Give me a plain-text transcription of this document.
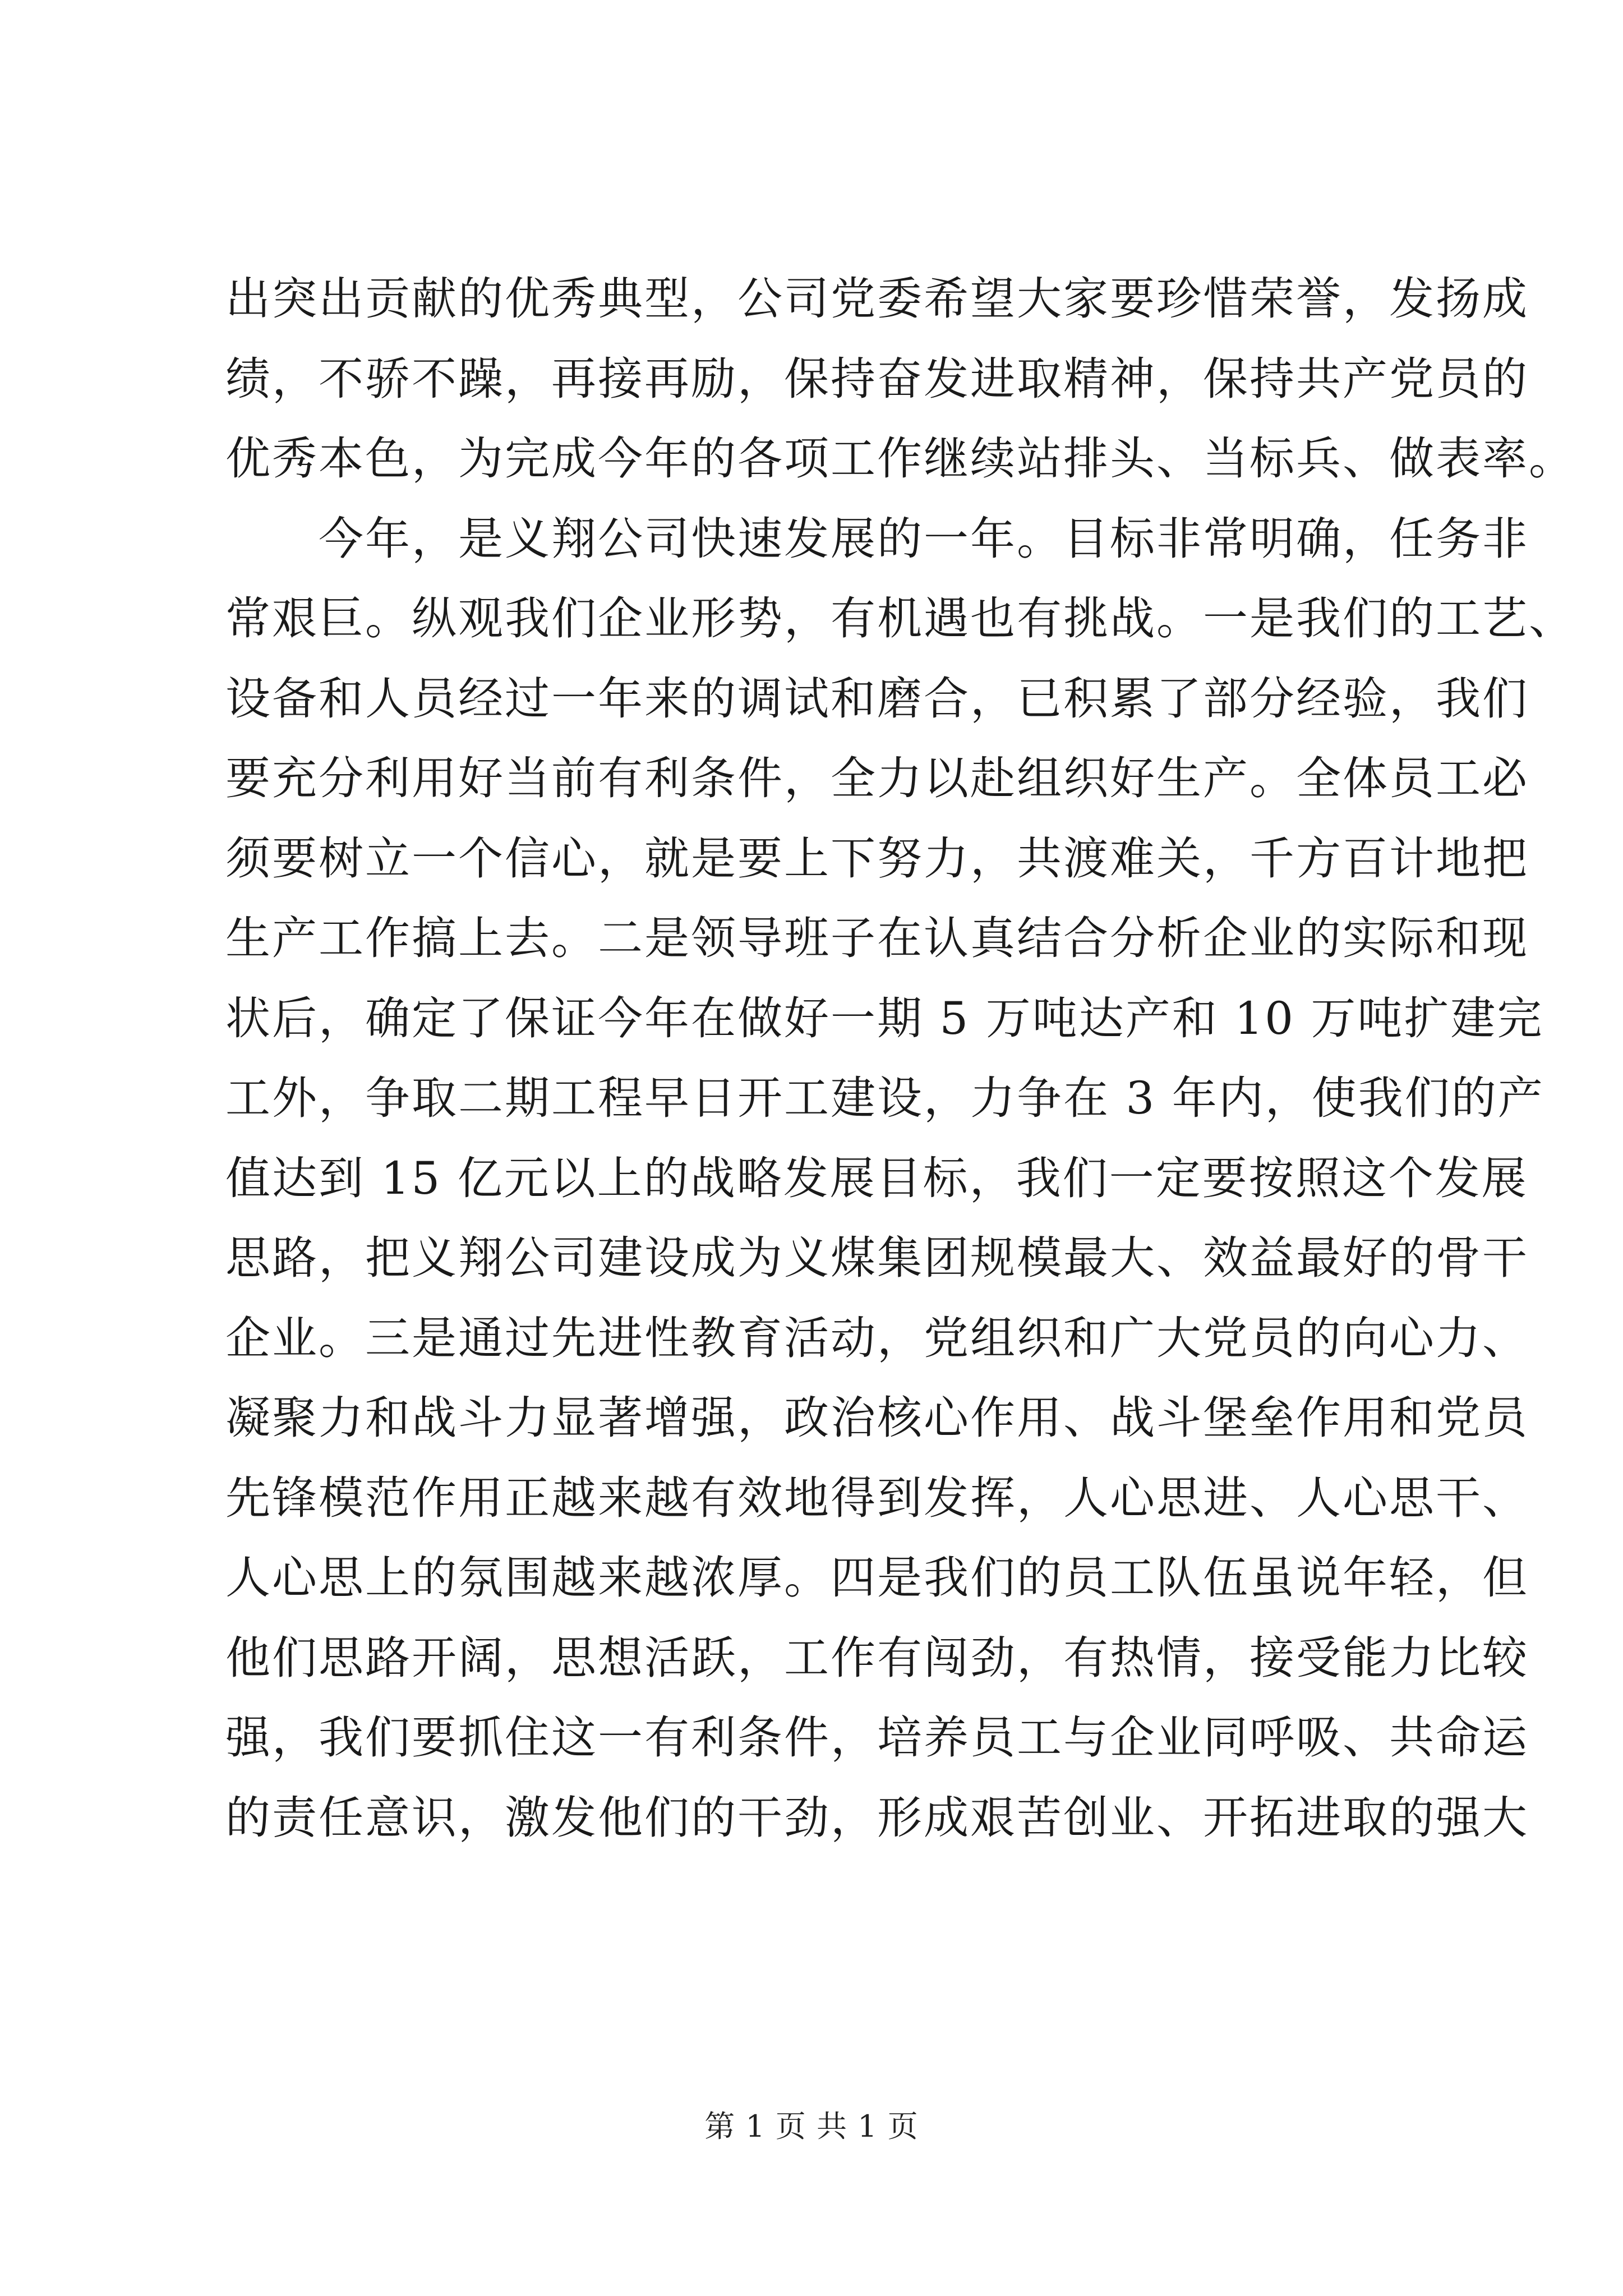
出突出贡献的优秀典型，公司党委希望大家要珍惜荣誉，发扬成
绩，不骄不躁，再接再励，保持奋发进取精神，保持共产党员的
优秀本色，为完成今年的各项工作继续站排头、当标兵、做表率。
　　今年，是义翔公司快速发展的一年。目标非常明确，任务非
常艰巨。纵观我们企业形势，有机遇也有挑战。一是我们的工艺、
设备和人员经过一年来的调试和磨合，已积累了部分经验，我们
要充分利用好当前有利条件，全力以赴组织好生产。全体员工必
须要树立一个信心，就是要上下努力，共渡难关，千方百计地把
生产工作搞上去。二是领导班子在认真结合分析企业的实际和现
状后，确定了保证今年在做好一期 5 万吨达产和 10 万吨扩建完
工外，争取二期工程早日开工建设，力争在 3 年内，使我们的产
值达到 15 亿元以上的战略发展目标，我们一定要按照这个发展
思路，把义翔公司建设成为义煤集团规模最大、效益最好的骨干
企业。三是通过先进性教育活动，党组织和广大党员的向心力、
凝聚力和战斗力显著增强，政治核心作用、战斗堡垒作用和党员
先锋模范作用正越来越有效地得到发挥，人心思进、人心思干、
人心思上的氛围越来越浓厚。四是我们的员工队伍虽说年轻，但
他们思路开阔，思想活跃，工作有闯劲，有热情，接受能力比较
强，我们要抓住这一有利条件，培养员工与企业同呼吸、共命运
的责任意识，激发他们的干劲，形成艰苦创业、开拓进取的强大
第 1 页 共 1 页
